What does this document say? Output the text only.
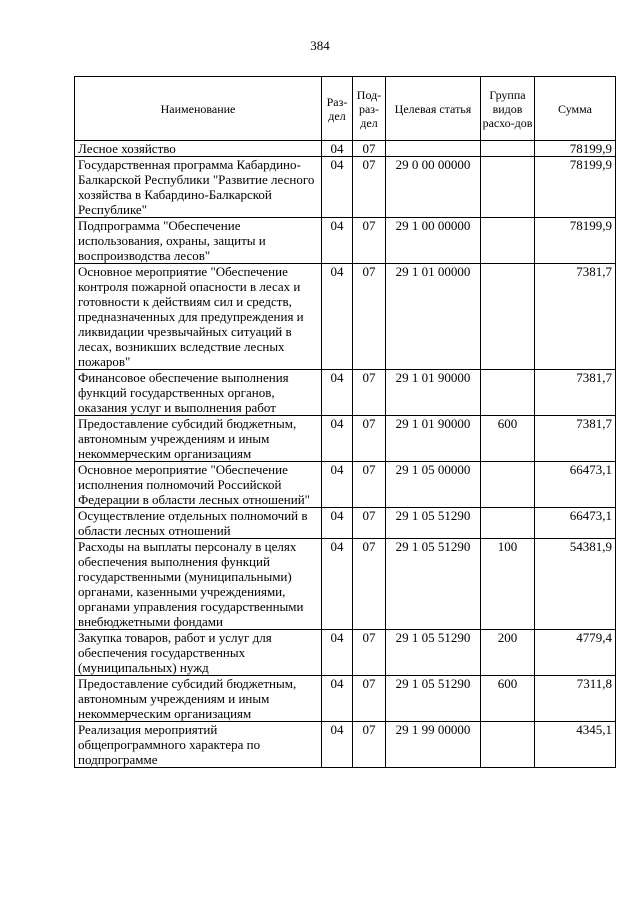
384
Наименование	Раз-дел	Под-раз-дел	Целевая статья	Группа видов расхо-дов	Сумма
Лесное хозяйство	04	07			78199,9
Государственная программа Кабардино-Балкарской Республики "Развитие лесного хозяйства в Кабардино-Балкарской Республике"	04	07	29 0 00 00000		78199,9
Подпрограмма "Обеспечение использования, охраны, защиты и воспроизводства лесов"	04	07	29 1 00 00000		78199,9
Основное мероприятие "Обеспечение контроля пожарной опасности в лесах и готовности к действиям сил и средств, предназначенных для предупреждения и ликвидации чрезвычайных ситуаций в лесах, возникших вследствие лесных пожаров"	04	07	29 1 01 00000		7381,7
Финансовое обеспечение выполнения функций государственных органов, оказания услуг и выполнения работ	04	07	29 1 01 90000		7381,7
Предоставление субсидий бюджетным, автономным учреждениям и иным некоммерческим организациям	04	07	29 1 01 90000	600	7381,7
Основное мероприятие "Обеспечение исполнения полномочий Российской Федерации в области лесных отношений"	04	07	29 1 05 00000		66473,1
Осуществление отдельных полномочий в области лесных отношений	04	07	29 1 05 51290		66473,1
Расходы на выплаты персоналу в целях обеспечения выполнения функций государственными (муниципальными) органами, казенными учреждениями, органами управления государственными внебюджетными фондами	04	07	29 1 05 51290	100	54381,9
Закупка товаров, работ и услуг для обеспечения государственных (муниципальных) нужд	04	07	29 1 05 51290	200	4779,4
Предоставление субсидий бюджетным, автономным учреждениям и иным некоммерческим организациям	04	07	29 1 05 51290	600	7311,8
Реализация мероприятий общепрограммного характера по подпрограмме	04	07	29 1 99 00000		4345,1
